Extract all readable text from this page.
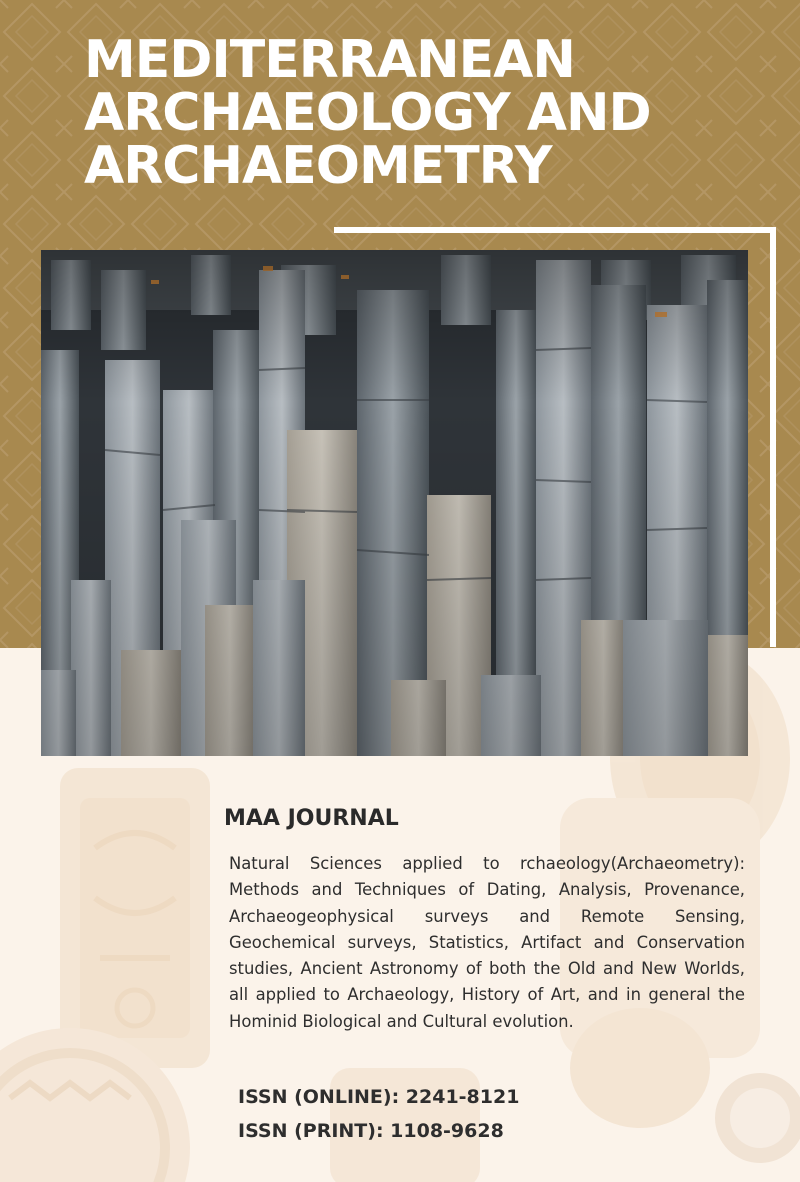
MEDITERRANEAN
ARCHAEOLOGY AND
ARCHAEOMETRY
MAA JOURNAL

Natural Sciences applied to rchaeology(Archaeometry): Methods and Techniques of Dating, Analysis, Provenance, Archaeogeophysical surveys and Remote Sensing, Geochemical surveys, Statistics, Artifact and Conservation studies, Ancient Astronomy of both the Old and New Worlds, all applied to Archaeology, History of Art, and in general the Hominid Biological and Cultural evolution.

ISSN (ONLINE): 2241-8121
ISSN (PRINT): 1108-9628
